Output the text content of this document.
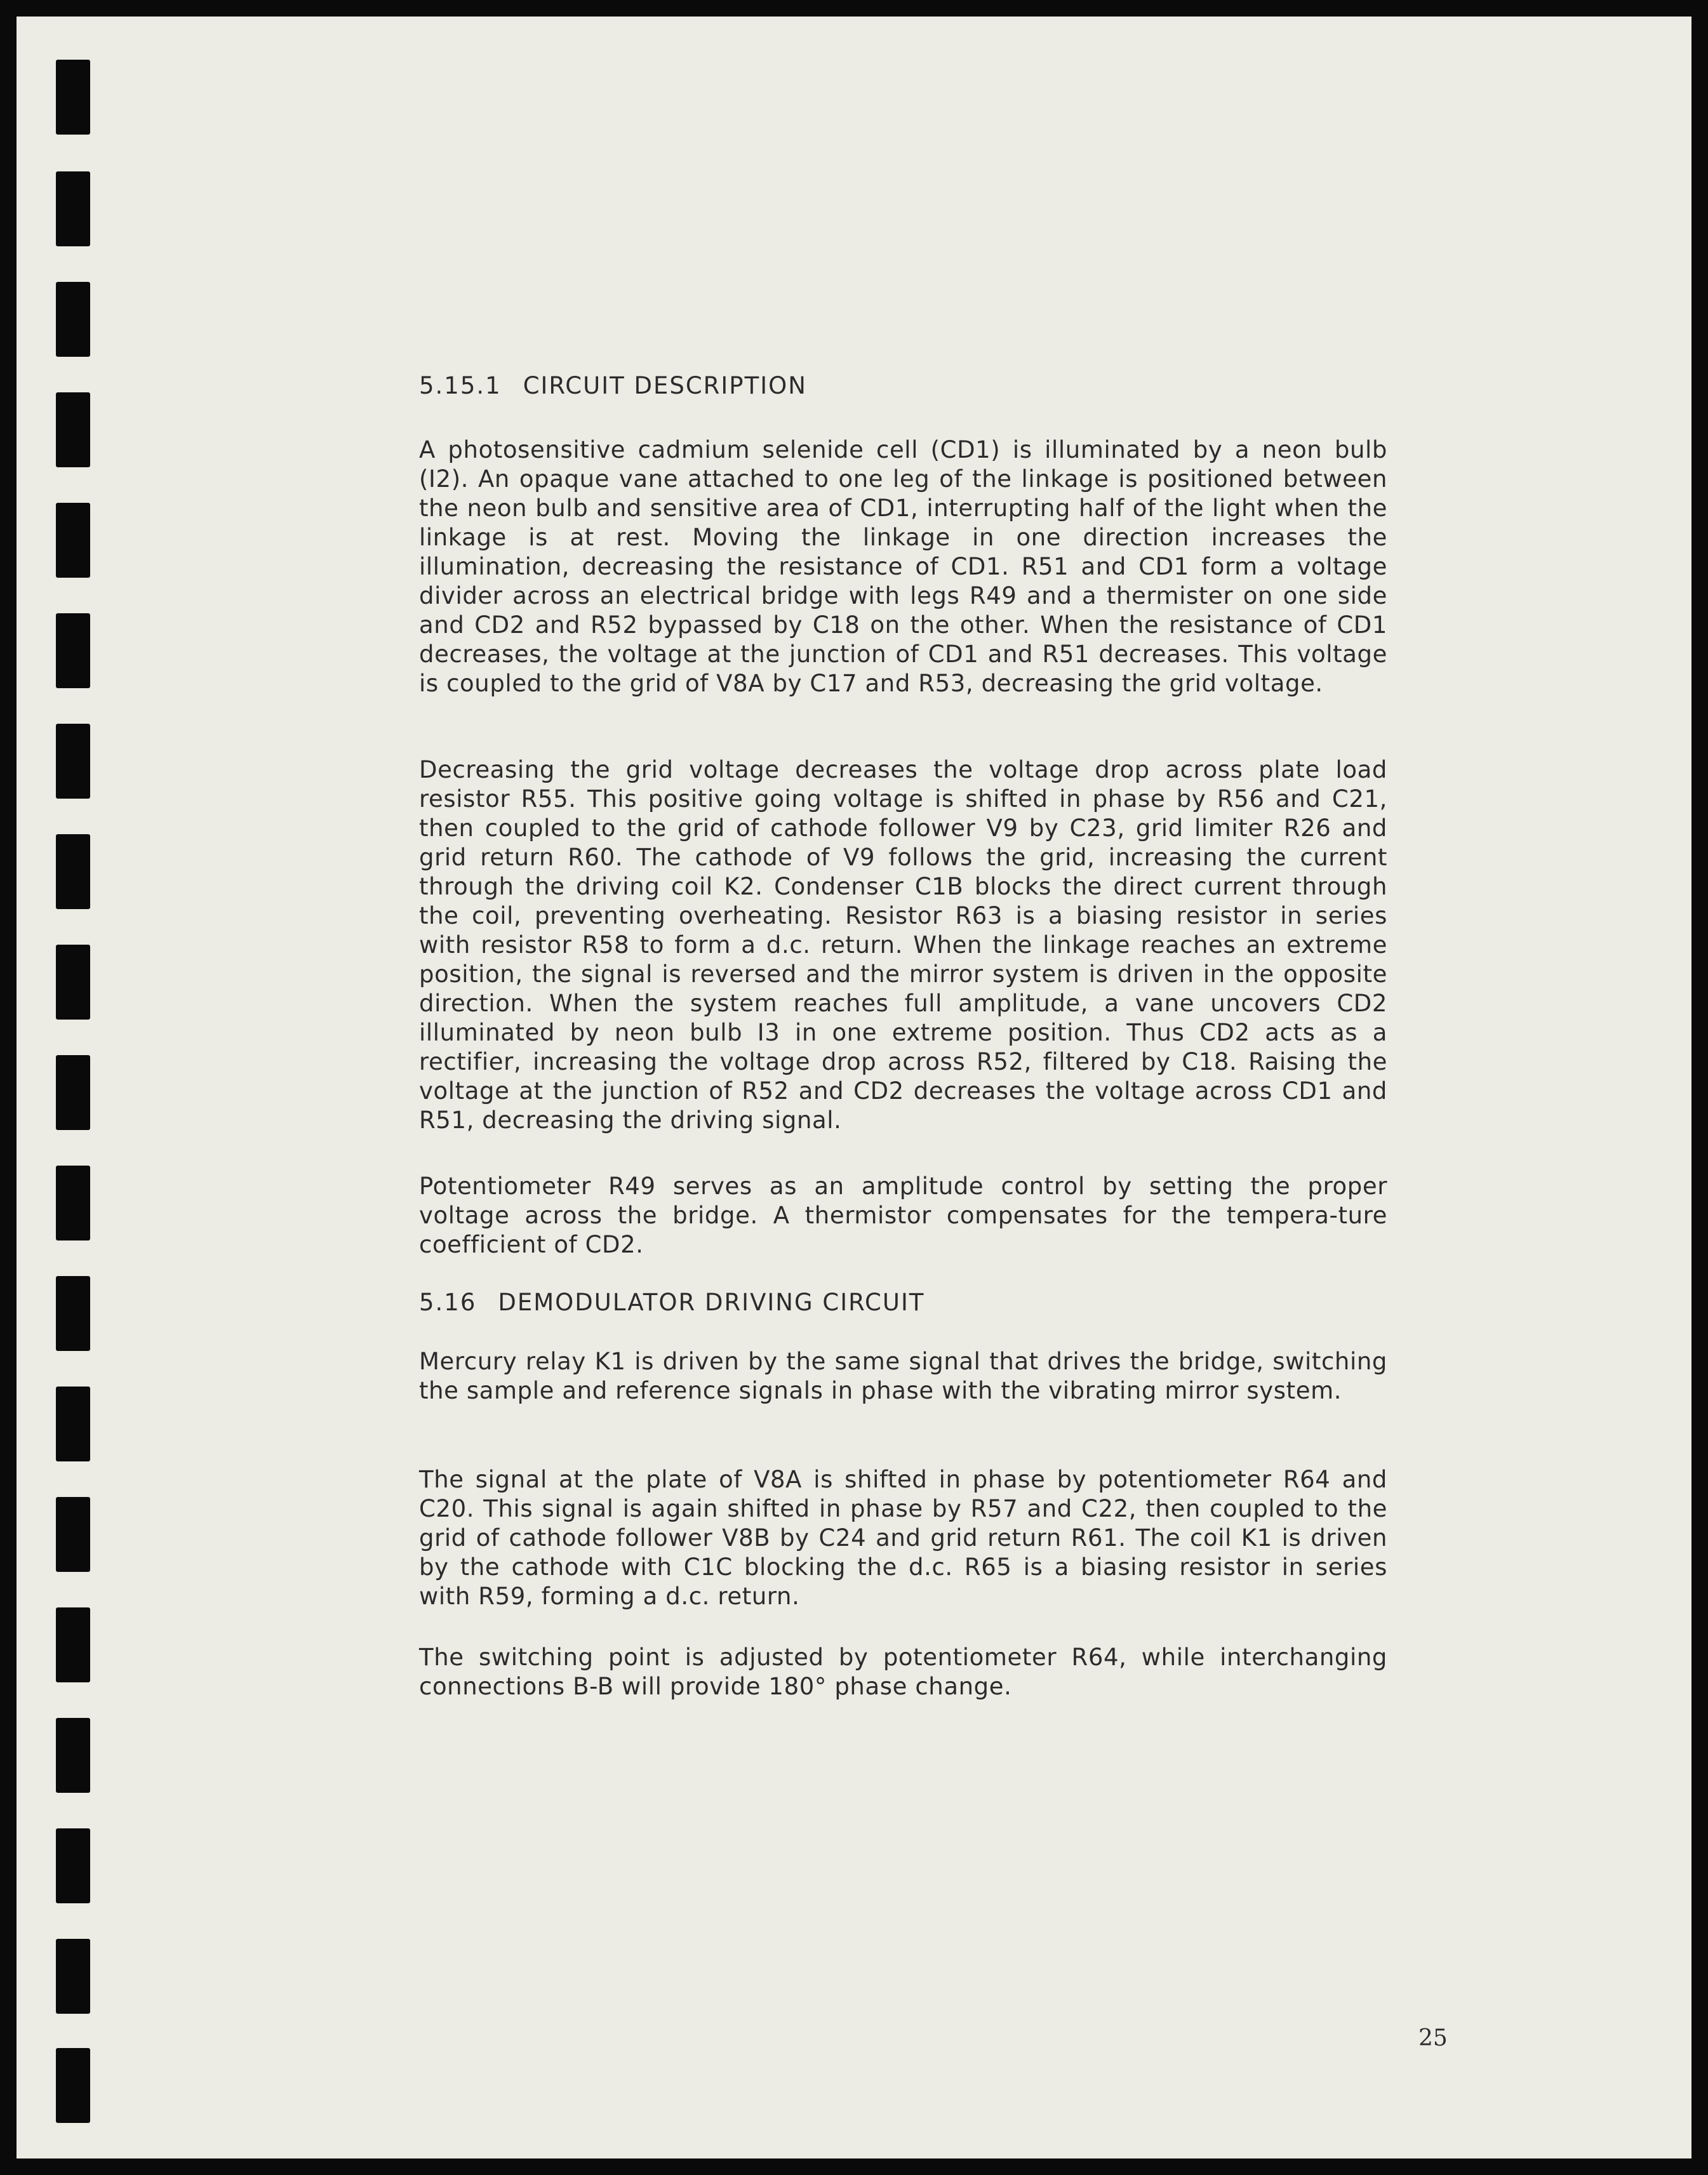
5.15.1 CIRCUIT DESCRIPTION

A photosensitive cadmium selenide cell (CD1) is illuminated by a neon bulb (I2). An opaque vane attached to one leg of the linkage is positioned between the neon bulb and sensitive area of CD1, interrupting half of the light when the linkage is at rest. Moving the linkage in one direction increases the illumination, decreasing the resistance of CD1. R51 and CD1 form a voltage divider across an electrical bridge with legs R49 and a thermister on one side and CD2 and R52 bypassed by C18 on the other. When the resistance of CD1 decreases, the voltage at the junction of CD1 and R51 decreases. This voltage is coupled to the grid of V8A by C17 and R53, decreasing the grid voltage.

Decreasing the grid voltage decreases the voltage drop across plate load resistor R55. This positive going voltage is shifted in phase by R56 and C21, then coupled to the grid of cathode follower V9 by C23, grid limiter R26 and grid return R60. The cathode of V9 follows the grid, increasing the current through the driving coil K2. Condenser C1B blocks the direct current through the coil, preventing overheating. Resistor R63 is a biasing resistor in series with resistor R58 to form a d.c. return. When the linkage reaches an extreme position, the signal is reversed and the mirror system is driven in the opposite direction. When the system reaches full amplitude, a vane uncovers CD2 illuminated by neon bulb I3 in one extreme position. Thus CD2 acts as a rectifier, increasing the voltage drop across R52, filtered by C18. Raising the voltage at the junction of R52 and CD2 decreases the voltage across CD1 and R51, decreasing the driving signal.

Potentiometer R49 serves as an amplitude control by setting the proper voltage across the bridge. A thermistor compensates for the tempera-ture coefficient of CD2.

5.16 DEMODULATOR DRIVING CIRCUIT

Mercury relay K1 is driven by the same signal that drives the bridge, switching the sample and reference signals in phase with the vibrating mirror system.

The signal at the plate of V8A is shifted in phase by potentiometer R64 and C20. This signal is again shifted in phase by R57 and C22, then coupled to the grid of cathode follower V8B by C24 and grid return R61. The coil K1 is driven by the cathode with C1C blocking the d.c. R65 is a biasing resistor in series with R59, forming a d.c. return.

The switching point is adjusted by potentiometer R64, while interchanging connections B-B will provide 180° phase change.

25
